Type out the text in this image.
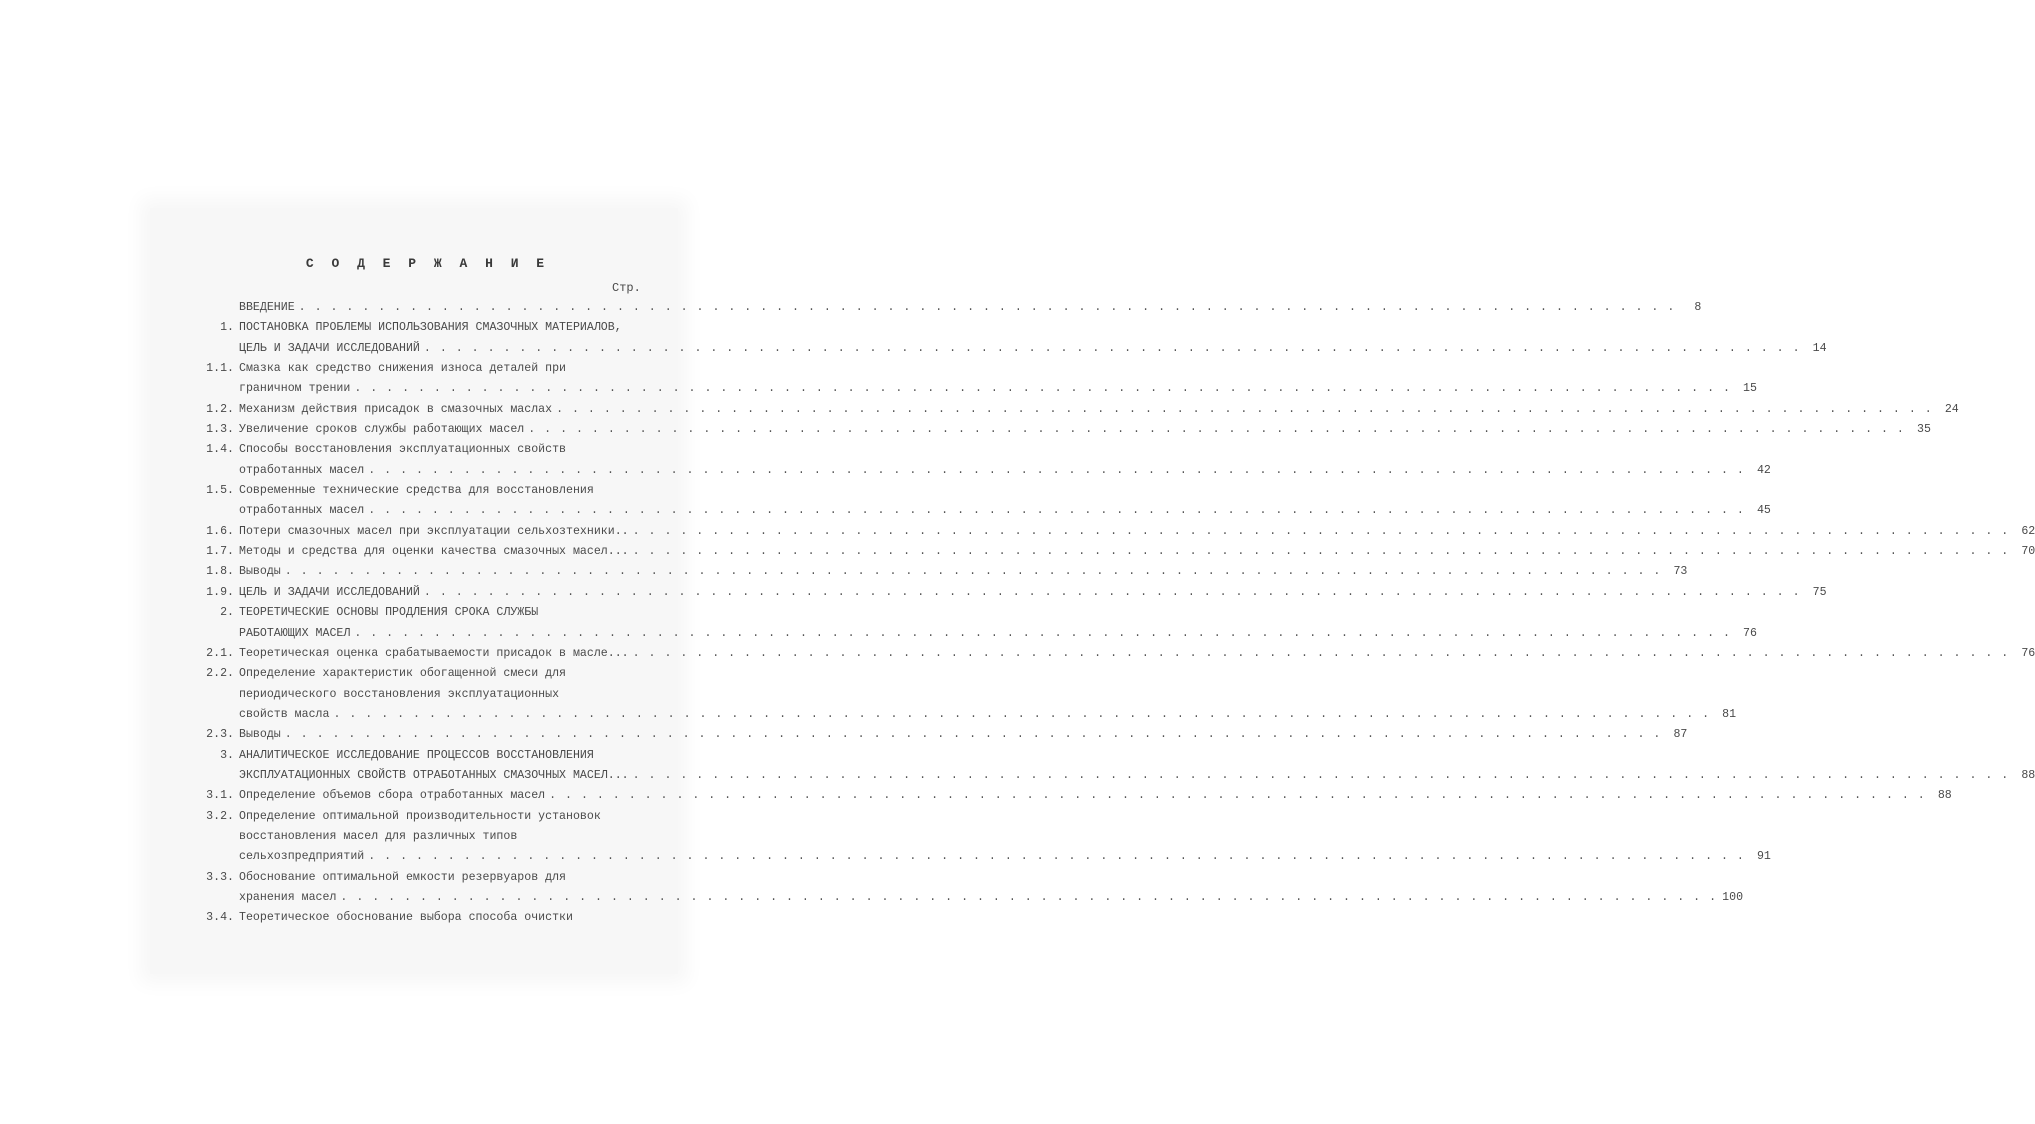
С О Д Е Р Ж А Н И Е
Стр.
ВВЕДЕНИЕ . . . . . . . . . . . . . . . . . . . . . . . . . . . . . . . . . . . . . . . . . . . . . . . . . . . . . . . . . . . . . . . . . . . . . . . . . . . . . . . . . . . . . . .	8
1. ПОСТАНОВКА ПРОБЛЕМЫ ИСПОЛЬЗОВАНИЯ СМАЗОЧНЫХ МАТЕРИАЛОВ,
ЦЕЛЬ И ЗАДАЧИ ИССЛЕДОВАНИЙ . . . . . . . . . . . . . . . . . . . . . . . . . . . . . . . . . . . . . . . . . . . . . . . . . . . . . . . . . . . . . . . . . . . . . . . . . . . . . . . . . . . . . . .	14
1.1. Смазка как средство снижения износа деталей при
граничном трении . . . . . . . . . . . . . . . . . . . . . . . . . . . . . . . . . . . . . . . . . . . . . . . . . . . . . . . . . . . . . . . . . . . . . . . . . . . . . . . . . . . . . . .	15
1.2. Механизм действия присадок в смазочных маслах . . . . . . . . . . . . . . . . . . . . . . . . . . . . . . . . . . . . . . . . . . . . . . . . . . . . . . . . . . . . . . . . . . . . . . . . . . . . . . . . . . . . . . .	24
1.3. Увеличение сроков службы работающих масел . . . . . . . . . . . . . . . . . . . . . . . . . . . . . . . . . . . . . . . . . . . . . . . . . . . . . . . . . . . . . . . . . . . . . . . . . . . . . . . . . . . . . . .	35
1.4. Способы восстановления эксплуатационных свойств
отработанных масел . . . . . . . . . . . . . . . . . . . . . . . . . . . . . . . . . . . . . . . . . . . . . . . . . . . . . . . . . . . . . . . . . . . . . . . . . . . . . . . . . . . . . . .	42
1.5. Современные технические средства для восстановления
отработанных масел . . . . . . . . . . . . . . . . . . . . . . . . . . . . . . . . . . . . . . . . . . . . . . . . . . . . . . . . . . . . . . . . . . . . . . . . . . . . . . . . . . . . . . .	45
1.6. Потери смазочных масел при эксплуатации сельхозтехники.. . . . . . . . . . . . . . . . . . . . . . . . . . . . . . . . . . . . . . . . . . . . . . . . . . . . . . . . . . . . . . . . . . . . . . . . . . . . . . . . . . . . . . . .	62
1.7. Методы и средства для оценки качества смазочных масел... . . . . . . . . . . . . . . . . . . . . . . . . . . . . . . . . . . . . . . . . . . . . . . . . . . . . . . . . . . . . . . . . . . . . . . . . . . . . . . . . . . . . . . .	70
1.8. Выводы . . . . . . . . . . . . . . . . . . . . . . . . . . . . . . . . . . . . . . . . . . . . . . . . . . . . . . . . . . . . . . . . . . . . . . . . . . . . . . . . . . . . . . .	73
1.9. ЦЕЛЬ И ЗАДАЧИ ИССЛЕДОВАНИЙ . . . . . . . . . . . . . . . . . . . . . . . . . . . . . . . . . . . . . . . . . . . . . . . . . . . . . . . . . . . . . . . . . . . . . . . . . . . . . . . . . . . . . . .	75
2. ТЕОРЕТИЧЕСКИЕ ОСНОВЫ ПРОДЛЕНИЯ СРОКА СЛУЖБЫ
РАБОТАЮЩИХ МАСЕЛ . . . . . . . . . . . . . . . . . . . . . . . . . . . . . . . . . . . . . . . . . . . . . . . . . . . . . . . . . . . . . . . . . . . . . . . . . . . . . . . . . . . . . . .	76
2.1. Теоретическая оценка срабатываемости присадок в масле... . . . . . . . . . . . . . . . . . . . . . . . . . . . . . . . . . . . . . . . . . . . . . . . . . . . . . . . . . . . . . . . . . . . . . . . . . . . . . . . . . . . . . . .	76
2.2. Определение характеристик обогащенной смеси для
периодического восстановления эксплуатационных
свойств масла . . . . . . . . . . . . . . . . . . . . . . . . . . . . . . . . . . . . . . . . . . . . . . . . . . . . . . . . . . . . . . . . . . . . . . . . . . . . . . . . . . . . . . .	81
2.3. Выводы . . . . . . . . . . . . . . . . . . . . . . . . . . . . . . . . . . . . . . . . . . . . . . . . . . . . . . . . . . . . . . . . . . . . . . . . . . . . . . . . . . . . . . .	87
3. АНАЛИТИЧЕСКОЕ ИССЛЕДОВАНИЕ ПРОЦЕССОВ ВОССТАНОВЛЕНИЯ
ЭКСПЛУАТАЦИОННЫХ СВОЙСТВ ОТРАБОТАННЫХ СМАЗОЧНЫХ МАСЕЛ... . . . . . . . . . . . . . . . . . . . . . . . . . . . . . . . . . . . . . . . . . . . . . . . . . . . . . . . . . . . . . . . . . . . . . . . . . . . . . . . . . . . . . . .	88
3.1. Определение объемов сбора отработанных масел . . . . . . . . . . . . . . . . . . . . . . . . . . . . . . . . . . . . . . . . . . . . . . . . . . . . . . . . . . . . . . . . . . . . . . . . . . . . . . . . . . . . . . .	88
3.2. Определение оптимальной производительности установок
восстановления масел для различных типов
сельхозпредприятий . . . . . . . . . . . . . . . . . . . . . . . . . . . . . . . . . . . . . . . . . . . . . . . . . . . . . . . . . . . . . . . . . . . . . . . . . . . . . . . . . . . . . . .	91
3.3. Обоснование оптимальной емкости резервуаров для
хранения масел . . . . . . . . . . . . . . . . . . . . . . . . . . . . . . . . . . . . . . . . . . . . . . . . . . . . . . . . . . . . . . . . . . . . . . . . . . . . . . . . . . . . . . . 100
3.4. Теоретическое обоснование выбора способа очистки
